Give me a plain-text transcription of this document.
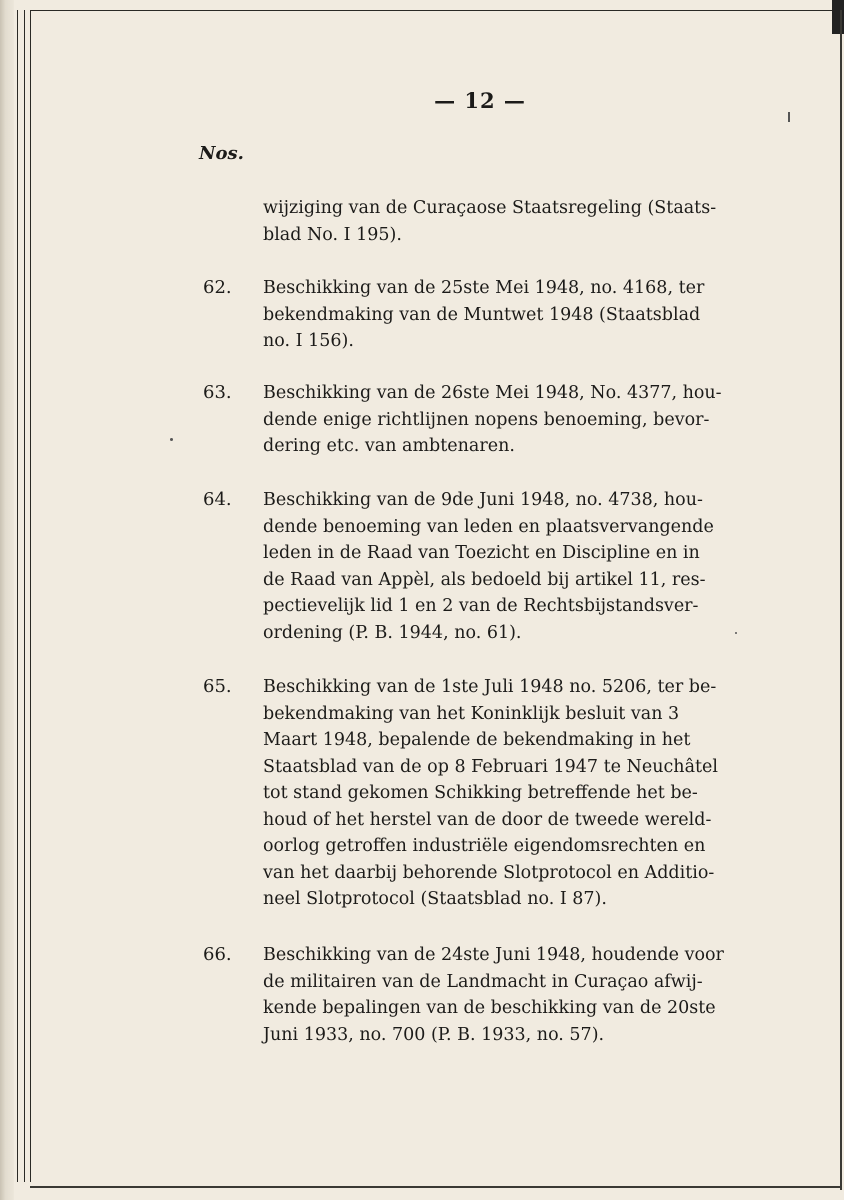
— 12 —
Nos.
wijziging van de Curaçaose Staatsregeling (Staats-
blad No. I 195).
62. Beschikking van de 25ste Mei 1948, no. 4168, ter
bekendmaking van de Muntwet 1948 (Staatsblad
no. I 156).
63. Beschikking van de 26ste Mei 1948, No. 4377, hou-
dende enige richtlijnen nopens benoeming, bevor-
dering etc. van ambtenaren.
64. Beschikking van de 9de Juni 1948, no. 4738, hou-
dende benoeming van leden en plaatsvervangende
leden in de Raad van Toezicht en Discipline en in
de Raad van Appèl, als bedoeld bij artikel 11, res-
pectievelijk lid 1 en 2 van de Rechtsbijstandsver-
ordening (P. B. 1944, no. 61).
65. Beschikking van de 1ste Juli 1948 no. 5206, ter be-
bekendmaking van het Koninklijk besluit van 3
Maart 1948, bepalende de bekendmaking in het
Staatsblad van de op 8 Februari 1947 te Neuchâtel
tot stand gekomen Schikking betreffende het be-
houd of het herstel van de door de tweede wereld-
oorlog getroffen industriële eigendomsrechten en
van het daarbij behorende Slotprotocol en Additio-
neel Slotprotocol (Staatsblad no. I 87).
66. Beschikking van de 24ste Juni 1948, houdende voor
de militairen van de Landmacht in Curaçao afwij-
kende bepalingen van de beschikking van de 20ste
Juni 1933, no. 700 (P. B. 1933, no. 57).
